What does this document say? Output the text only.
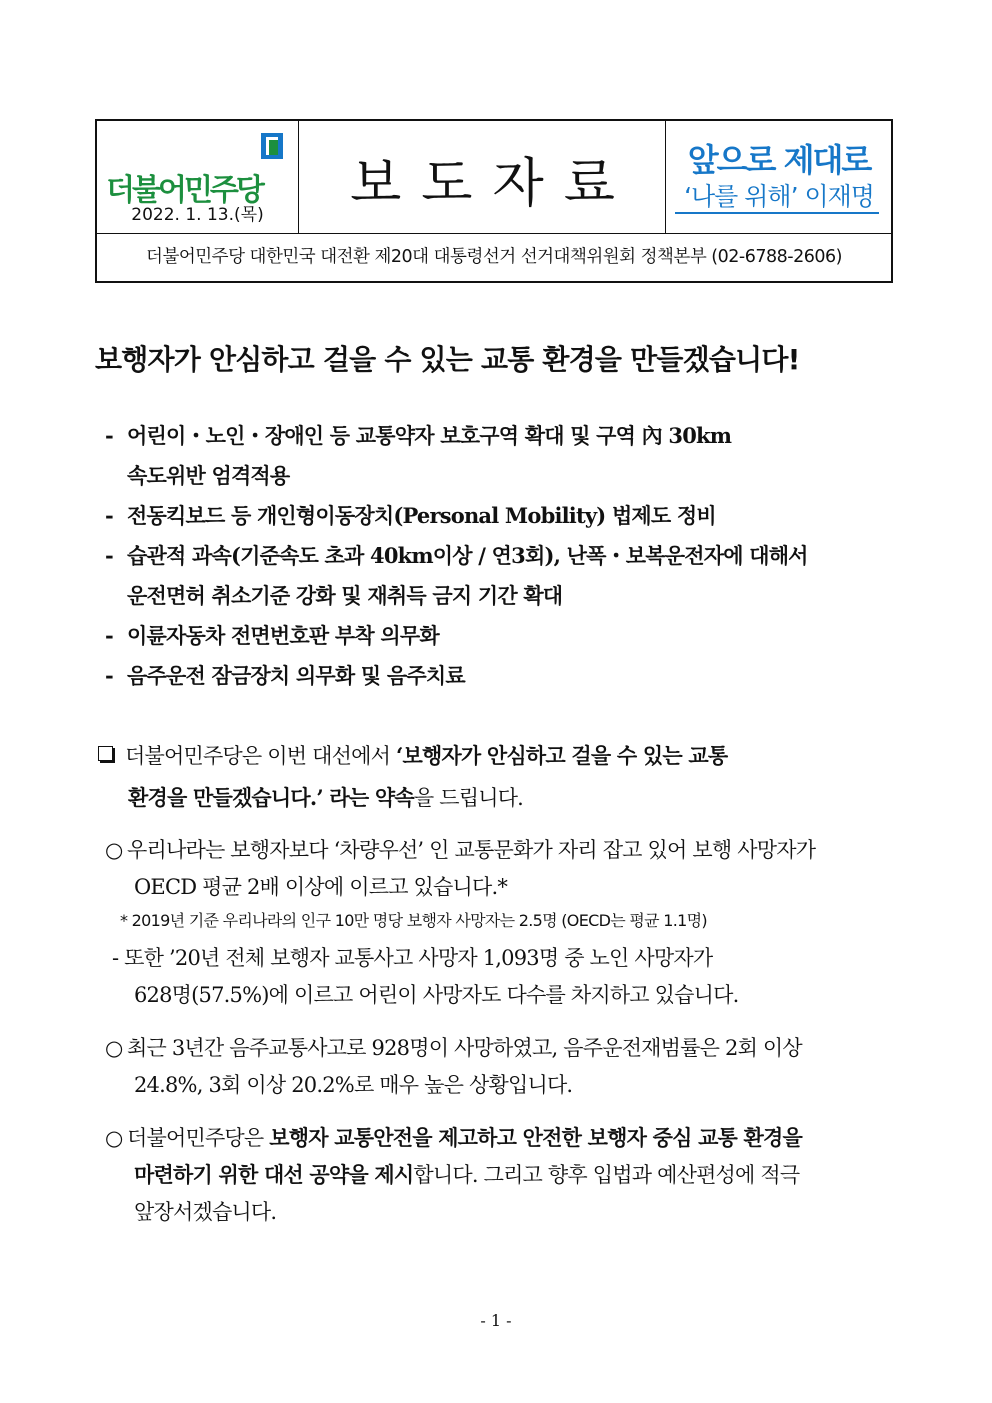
더불어민주당
2022. 1. 13.(목)
보도자료	앞으로 제대로
‘나를 위해’ 이재명
더불어민주당 대한민국 대전환 제20대 대통령선거 선거대책위원회 정책본부 (02-6788-2606)
보행자가 안심하고 걸을 수 있는 교통 환경을 만들겠습니다!
- 어린이・노인・장애인 등 교통약자 보호구역 확대 및 구역 內 30km
속도위반 엄격적용
- 전동킥보드 등 개인형이동장치(Personal Mobility) 법제도 정비
- 습관적 과속(기준속도 초과 40km이상 / 연3회), 난폭・보복운전자에 대해서
운전면허 취소기준 강화 및 재취득 금지 기간 확대
- 이륜자동차 전면번호판 부착 의무화
- 음주운전 잠금장치 의무화 및 음주치료
더불어민주당은 이번 대선에서 ‘보행자가 안심하고 걸을 수 있는 교통
환경을 만들겠습니다.’ 라는 약속을 드립니다.
○ 우리나라는 보행자보다 ‘차량우선’ 인 교통문화가 자리 잡고 있어 보행 사망자가
OECD 평균 2배 이상에 이르고 있습니다.*
* 2019년 기준 우리나라의 인구 10만 명당 보행자 사망자는 2.5명 (OECD는 평균 1.1명)
- 또한 ’20년 전체 보행자 교통사고 사망자 1,093명 중 노인 사망자가
628명(57.5%)에 이르고 어린이 사망자도 다수를 차지하고 있습니다.
○ 최근 3년간 음주교통사고로 928명이 사망하였고, 음주운전재범률은 2회 이상
24.8%, 3회 이상 20.2%로 매우 높은 상황입니다.
○ 더불어민주당은 보행자 교통안전을 제고하고 안전한 보행자 중심 교통 환경을
마련하기 위한 대선 공약을 제시합니다. 그리고 향후 입법과 예산편성에 적극
앞장서겠습니다.
- 1 -
